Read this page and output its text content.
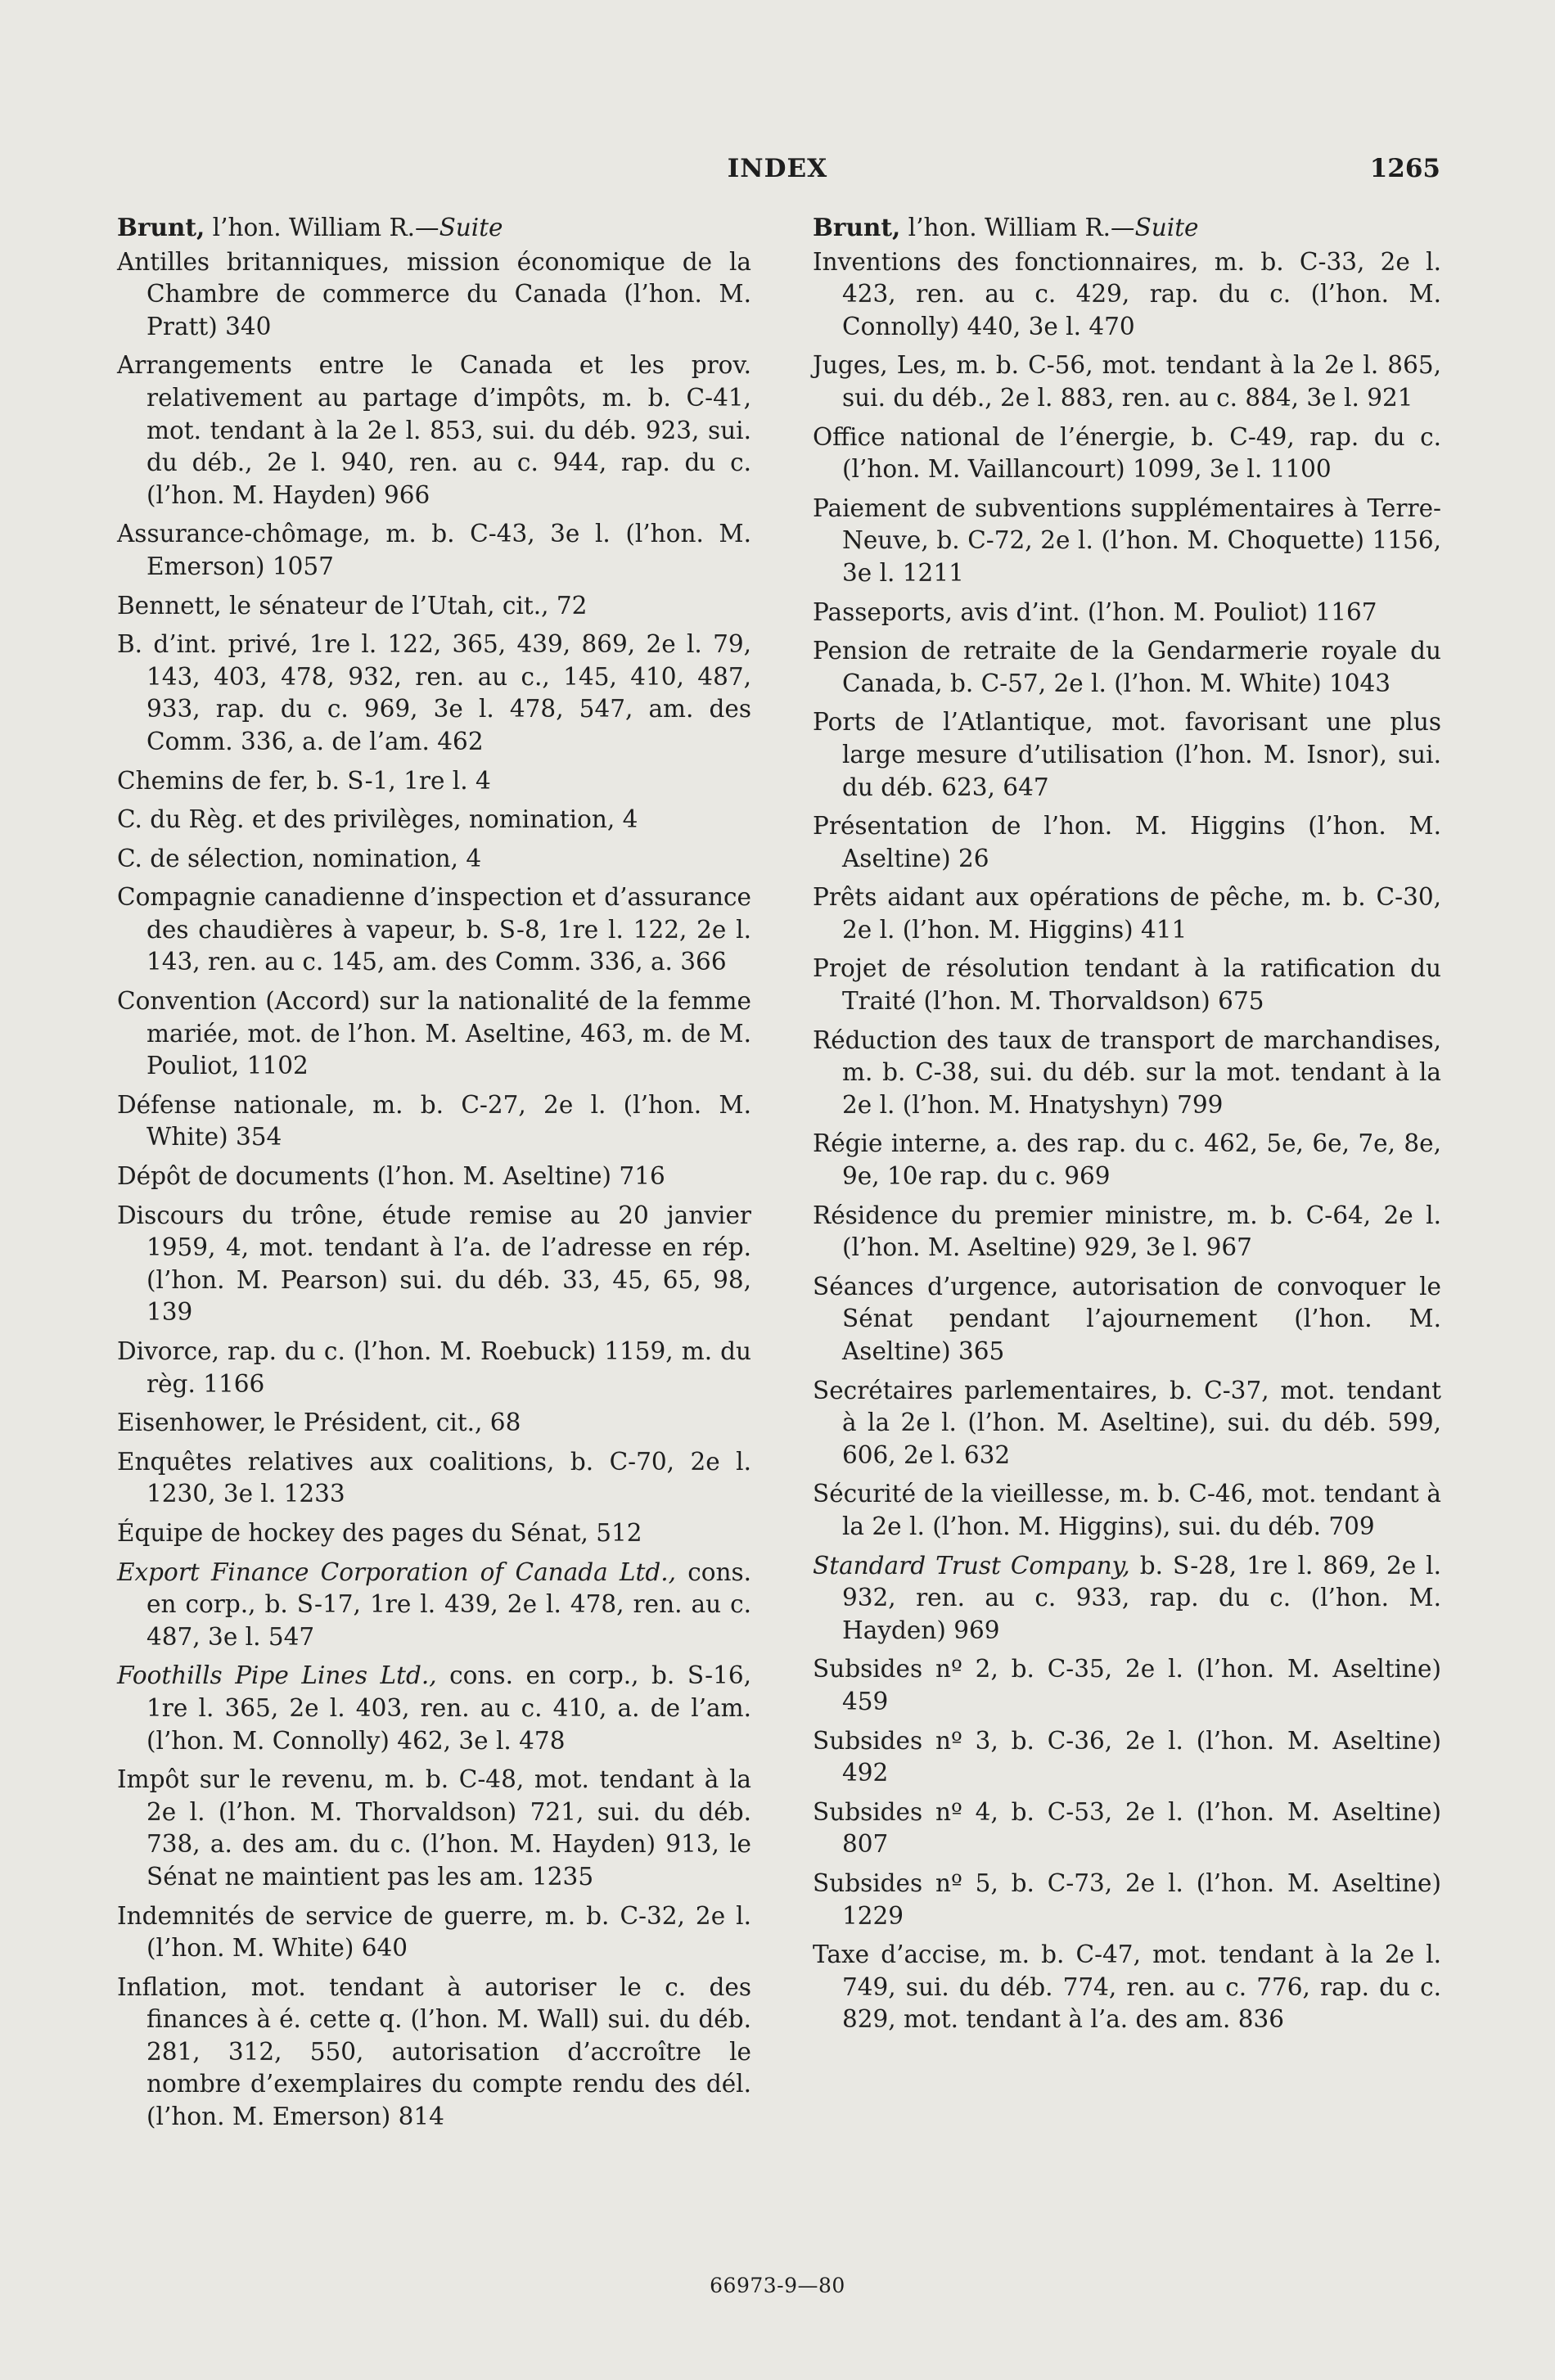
INDEX	1265
Brunt, l’hon. William R.—Suite

Antilles britanniques, mission économique de la Chambre de commerce du Canada (l’hon. M. Pratt) 340

Arrangements entre le Canada et les prov. relativement au partage d’impôts, m. b. C-41, mot. tendant à la 2e l. 853, sui. du déb. 923, sui. du déb., 2e l. 940, ren. au c. 944, rap. du c. (l’hon. M. Hayden) 966

Assurance-chômage, m. b. C-43, 3e l. (l’hon. M. Emerson) 1057

Bennett, le sénateur de l’Utah, cit., 72

B. d’int. privé, 1re l. 122, 365, 439, 869, 2e l. 79, 143, 403, 478, 932, ren. au c., 145, 410, 487, 933, rap. du c. 969, 3e l. 478, 547, am. des Comm. 336, a. de l’am. 462

Chemins de fer, b. S-1, 1re l. 4

C. du Règ. et des privilèges, nomination, 4

C. de sélection, nomination, 4

Compagnie canadienne d’inspection et d’assurance des chaudières à vapeur, b. S-8, 1re l. 122, 2e l. 143, ren. au c. 145, am. des Comm. 336, a. 366

Convention (Accord) sur la nationalité de la femme mariée, mot. de l’hon. M. Aseltine, 463, m. de M. Pouliot, 1102

Défense nationale, m. b. C-27, 2e l. (l’hon. M. White) 354

Dépôt de documents (l’hon. M. Aseltine) 716

Discours du trône, étude remise au 20 janvier 1959, 4, mot. tendant à l’a. de l’adresse en rép. (l’hon. M. Pearson) sui. du déb. 33, 45, 65, 98, 139

Divorce, rap. du c. (l’hon. M. Roebuck) 1159, m. du règ. 1166

Eisenhower, le Président, cit., 68

Enquêtes relatives aux coalitions, b. C-70, 2e l. 1230, 3e l. 1233

Équipe de hockey des pages du Sénat, 512

Export Finance Corporation of Canada Ltd., cons. en corp., b. S-17, 1re l. 439, 2e l. 478, ren. au c. 487, 3e l. 547

Foothills Pipe Lines Ltd., cons. en corp., b. S-16, 1re l. 365, 2e l. 403, ren. au c. 410, a. de l’am. (l’hon. M. Connolly) 462, 3e l. 478

Impôt sur le revenu, m. b. C-48, mot. tendant à la 2e l. (l’hon. M. Thorvaldson) 721, sui. du déb. 738, a. des am. du c. (l’hon. M. Hayden) 913, le Sénat ne maintient pas les am. 1235

Indemnités de service de guerre, m. b. C-32, 2e l. (l’hon. M. White) 640

Inflation, mot. tendant à autoriser le c. des finances à é. cette q. (l’hon. M. Wall) sui. du déb. 281, 312, 550, autorisation d’accroître le nombre d’exemplaires du compte rendu des dél. (l’hon. M. Emerson) 814

Brunt, l’hon. William R.—Suite

Inventions des fonctionnaires, m. b. C-33, 2e l. 423, ren. au c. 429, rap. du c. (l’hon. M. Connolly) 440, 3e l. 470

Juges, Les, m. b. C-56, mot. tendant à la 2e l. 865, sui. du déb., 2e l. 883, ren. au c. 884, 3e l. 921

Office national de l’énergie, b. C-49, rap. du c. (l’hon. M. Vaillancourt) 1099, 3e l. 1100

Paiement de subventions supplémentaires à Terre-Neuve, b. C-72, 2e l. (l’hon. M. Choquette) 1156, 3e l. 1211

Passeports, avis d’int. (l’hon. M. Pouliot) 1167

Pension de retraite de la Gendarmerie royale du Canada, b. C-57, 2e l. (l’hon. M. White) 1043

Ports de l’Atlantique, mot. favorisant une plus large mesure d’utilisation (l’hon. M. Isnor), sui. du déb. 623, 647

Présentation de l’hon. M. Higgins (l’hon. M. Aseltine) 26

Prêts aidant aux opérations de pêche, m. b. C-30, 2e l. (l’hon. M. Higgins) 411

Projet de résolution tendant à la ratification du Traité (l’hon. M. Thorvaldson) 675

Réduction des taux de transport de marchandises, m. b. C-38, sui. du déb. sur la mot. tendant à la 2e l. (l’hon. M. Hnatyshyn) 799

Régie interne, a. des rap. du c. 462, 5e, 6e, 7e, 8e, 9e, 10e rap. du c. 969

Résidence du premier ministre, m. b. C-64, 2e l. (l’hon. M. Aseltine) 929, 3e l. 967

Séances d’urgence, autorisation de convoquer le Sénat pendant l’ajournement (l’hon. M. Aseltine) 365

Secrétaires parlementaires, b. C-37, mot. tendant à la 2e l. (l’hon. M. Aseltine), sui. du déb. 599, 606, 2e l. 632

Sécurité de la vieillesse, m. b. C-46, mot. tendant à la 2e l. (l’hon. M. Higgins), sui. du déb. 709

Standard Trust Company, b. S-28, 1re l. 869, 2e l. 932, ren. au c. 933, rap. du c. (l’hon. M. Hayden) 969

Subsides nº 2, b. C-35, 2e l. (l’hon. M. Aseltine) 459

Subsides nº 3, b. C-36, 2e l. (l’hon. M. Aseltine) 492

Subsides nº 4, b. C-53, 2e l. (l’hon. M. Aseltine) 807

Subsides nº 5, b. C-73, 2e l. (l’hon. M. Aseltine) 1229

Taxe d’accise, m. b. C-47, mot. tendant à la 2e l. 749, sui. du déb. 774, ren. au c. 776, rap. du c. 829, mot. tendant à l’a. des am. 836

66973-9—80
